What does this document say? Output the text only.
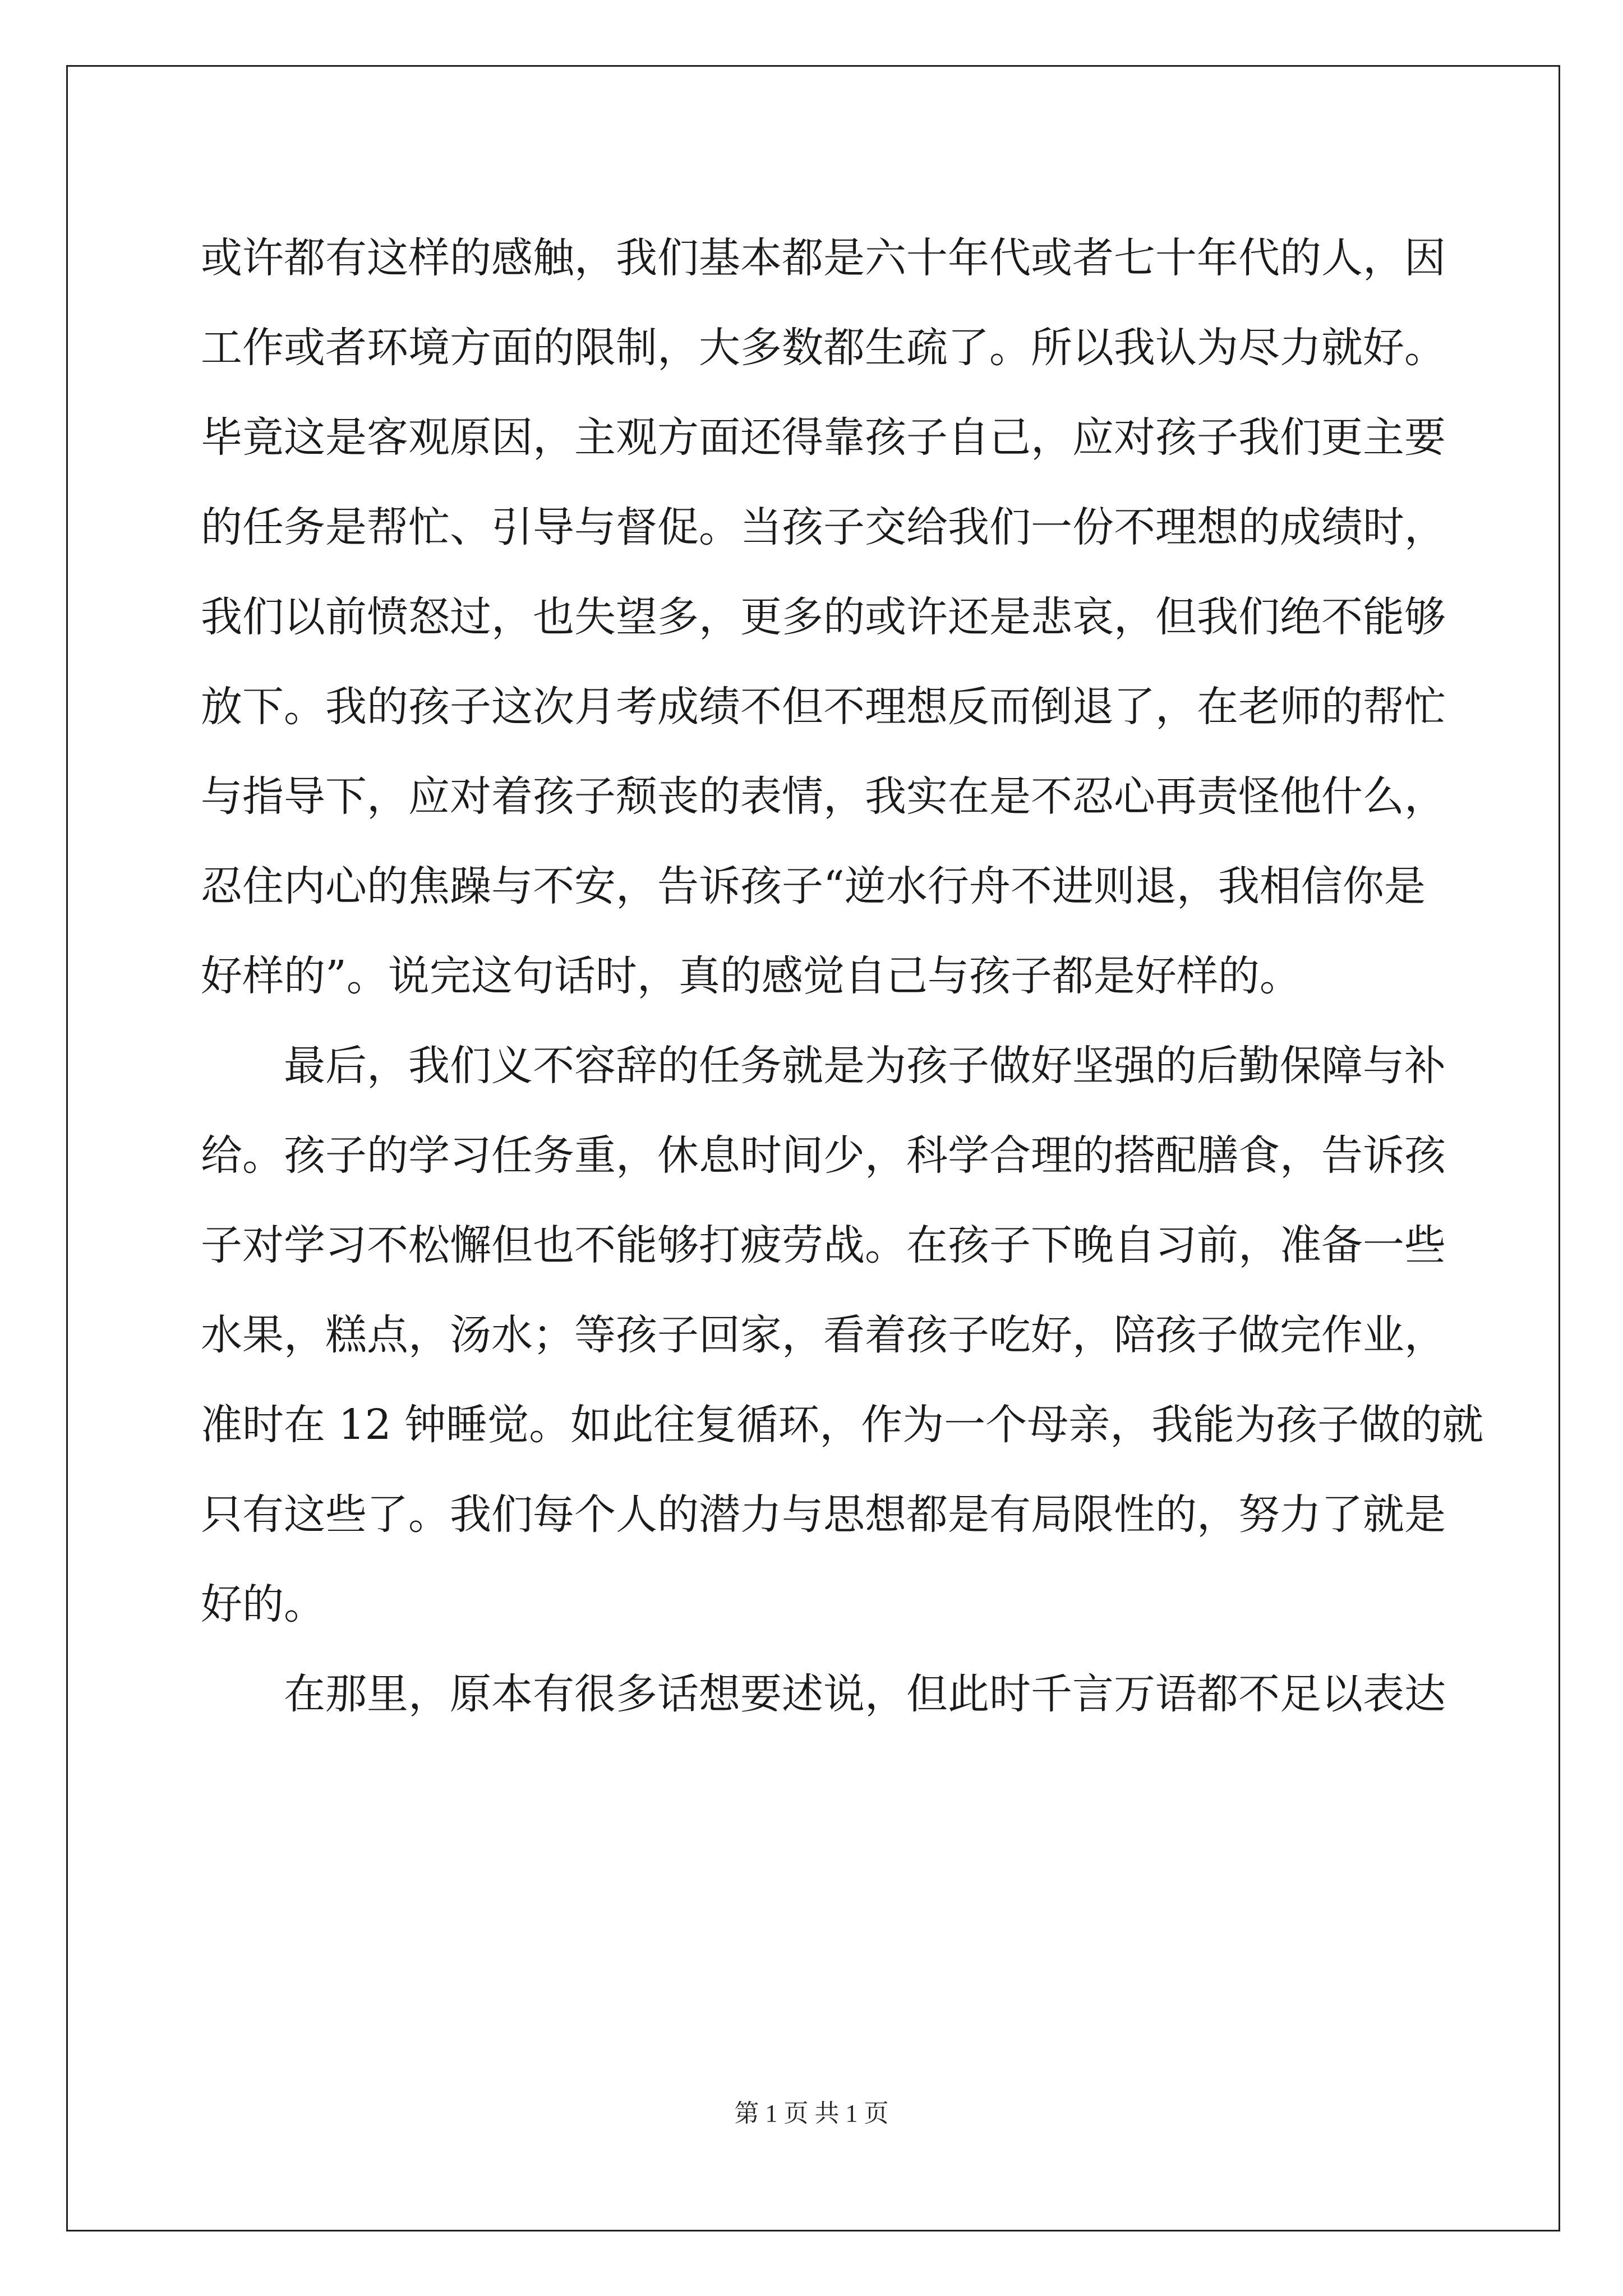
或许都有这样的感触，我们基本都是六十年代或者七十年代的人，因
工作或者环境方面的限制，大多数都生疏了。所以我认为尽力就好。
毕竟这是客观原因，主观方面还得靠孩子自己，应对孩子我们更主要
的任务是帮忙、引导与督促。当孩子交给我们一份不理想的成绩时，
我们以前愤怒过，也失望多，更多的或许还是悲哀，但我们绝不能够
放下。我的孩子这次月考成绩不但不理想反而倒退了，在老师的帮忙
与指导下，应对着孩子颓丧的表情，我实在是不忍心再责怪他什么，
忍住内心的焦躁与不安，告诉孩子“逆水行舟不进则退，我相信你是
好样的”。说完这句话时，真的感觉自己与孩子都是好样的。
最后，我们义不容辞的任务就是为孩子做好坚强的后勤保障与补
给。孩子的学习任务重，休息时间少，科学合理的搭配膳食，告诉孩
子对学习不松懈但也不能够打疲劳战。在孩子下晚自习前，准备一些
水果，糕点，汤水；等孩子回家，看着孩子吃好，陪孩子做完作业，
准时在 12 钟睡觉。如此往复循环，作为一个母亲，我能为孩子做的就
只有这些了。我们每个人的潜力与思想都是有局限性的，努力了就是
好的。
在那里，原本有很多话想要述说，但此时千言万语都不足以表达
第 1 页 共 1 页
